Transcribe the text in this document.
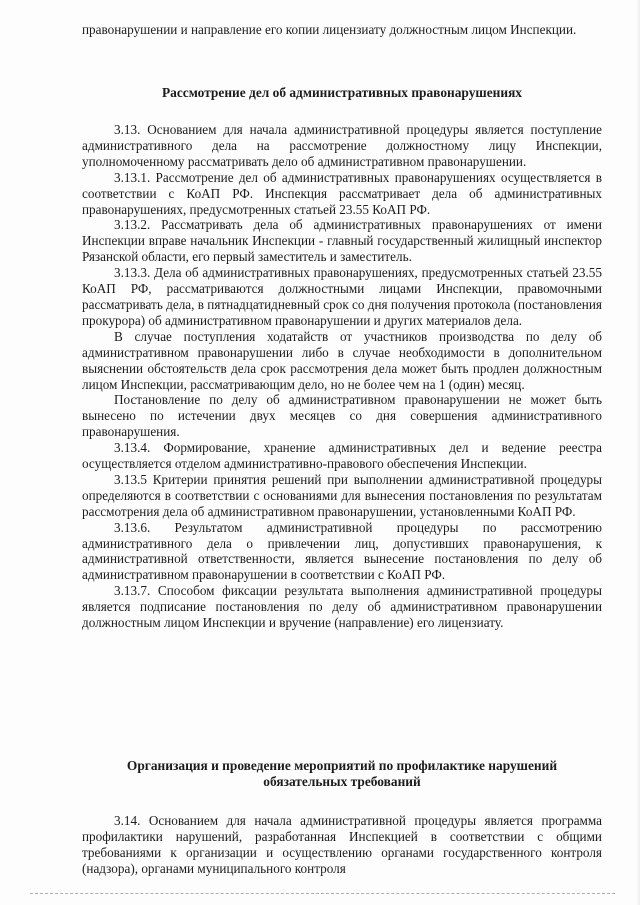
правонарушении и направление его копии лицензиату должностным лицом Инспекции.

Рассмотрение дел об административных правонарушениях

3.13. Основанием для начала административной процедуры является поступление административного дела на рассмотрение должностному лицу Инспекции, уполномоченному рассматривать дело об административном правонарушении.

3.13.1. Рассмотрение дел об административных правонарушениях осуществляется в соответствии с КоАП РФ. Инспекция рассматривает дела об административных правонарушениях, предусмотренных статьей 23.55 КоАП РФ.

3.13.2. Рассматривать дела об административных правонарушениях от имени Инспекции вправе начальник Инспекции - главный государственный жилищный инспектор Рязанской области, его первый заместитель и заместитель.

3.13.3. Дела об административных правонарушениях, предусмотренных статьей 23.55 КоАП РФ, рассматриваются должностными лицами Инспекции, правомочными рассматривать дела, в пятнадцатидневный срок со дня получения протокола (постановления прокурора) об административном правонарушении и других материалов дела.

В случае поступления ходатайств от участников производства по делу об административном правонарушении либо в случае необходимости в дополнительном выяснении обстоятельств дела срок рассмотрения дела может быть продлен должностным лицом Инспекции, рассматривающим дело, но не более чем на 1 (один) месяц.

Постановление по делу об административном правонарушении не может быть вынесено по истечении двух месяцев со дня совершения административного правонарушения.

3.13.4. Формирование, хранение административных дел и ведение реестра осуществляется отделом административно-правового обеспечения Инспекции.

3.13.5 Критерии принятия решений при выполнении административной процедуры определяются в соответствии с основаниями для вынесения постановления по результатам рассмотрения дела об административном правонарушении, установленными КоАП РФ.

3.13.6. Результатом административной процедуры по рассмотрению административного дела о привлечении лиц, допустивших правонарушения, к административной ответственности, является вынесение постановления по делу об административном правонарушении в соответствии с КоАП РФ.

3.13.7. Способом фиксации результата выполнения административной процедуры является подписание постановления по делу об административном правонарушении должностным лицом Инспекции и вручение (направление) его лицензиату.

Организация и проведение мероприятий по профилактике нарушений
обязательных требований

3.14. Основанием для начала административной процедуры является программа профилактики нарушений, разработанная Инспекцией в соответствии с общими требованиями к организации и осуществлению органами государственного контроля (надзора), органами муниципального контроля
